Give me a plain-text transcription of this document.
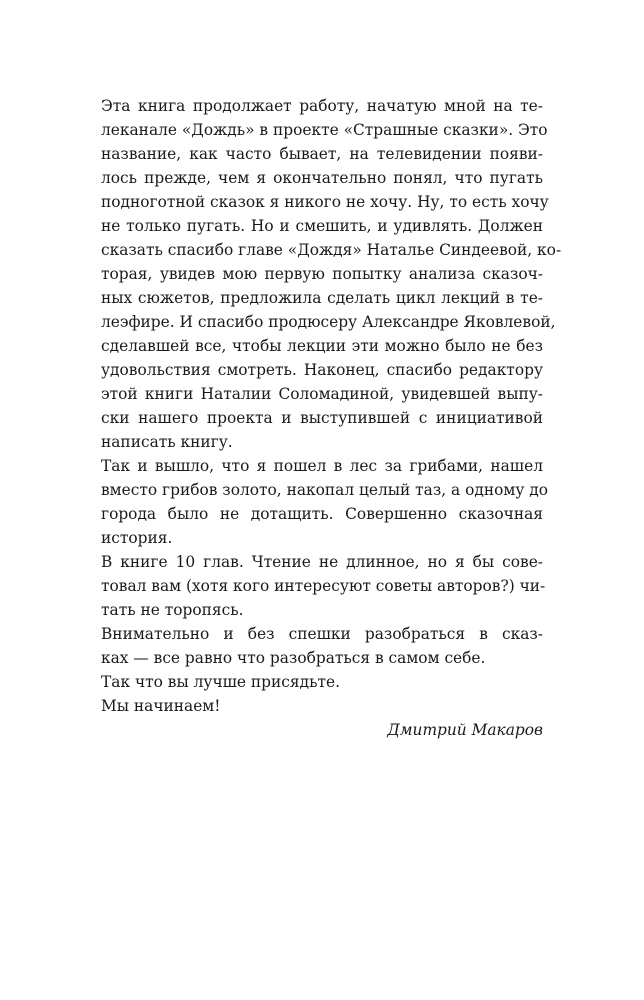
Эта книга продолжает работу, начатую мной на те-
леканале «Дождь» в проекте «Страшные сказки». Это
название, как часто бывает, на телевидении появи-
лось прежде, чем я окончательно понял, что пугать
подноготной сказок я никого не хочу. Ну, то есть хочу
не только пугать. Но и смешить, и удивлять. Должен
сказать спасибо главе «Дождя» Наталье Синдеевой, ко-
торая, увидев мою первую попытку анализа сказоч-
ных сюжетов, предложила сделать цикл лекций в те-
леэфире. И спасибо продюсеру Александре Яковлевой,
сделавшей все, чтобы лекции эти можно было не без
удовольствия смотреть. Наконец, спасибо редактору
этой книги Наталии Соломадиной, увидевшей выпу-
ски нашего проекта и выступившей с инициативой
написать книгу.
Так и вышло, что я пошел в лес за грибами, нашел
вместо грибов золото, накопал целый таз, а одному до
города было не дотащить. Совершенно сказочная
история.
В книге 10 глав. Чтение не длинное, но я бы сове-
товал вам (хотя кого интересуют советы авторов?) чи-
тать не торопясь.
Внимательно и без спешки разобраться в сказ-
ках — все равно что разобраться в самом себе.
Так что вы лучше присядьте.
Мы начинаем!
Дмитрий Макаров
